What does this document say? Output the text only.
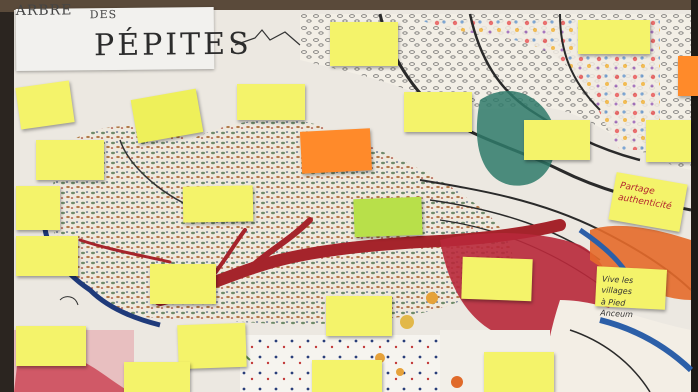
ARBRE DES
PÉPITES
Partage
authenticité
Vive les villages
à Pied Anceum
